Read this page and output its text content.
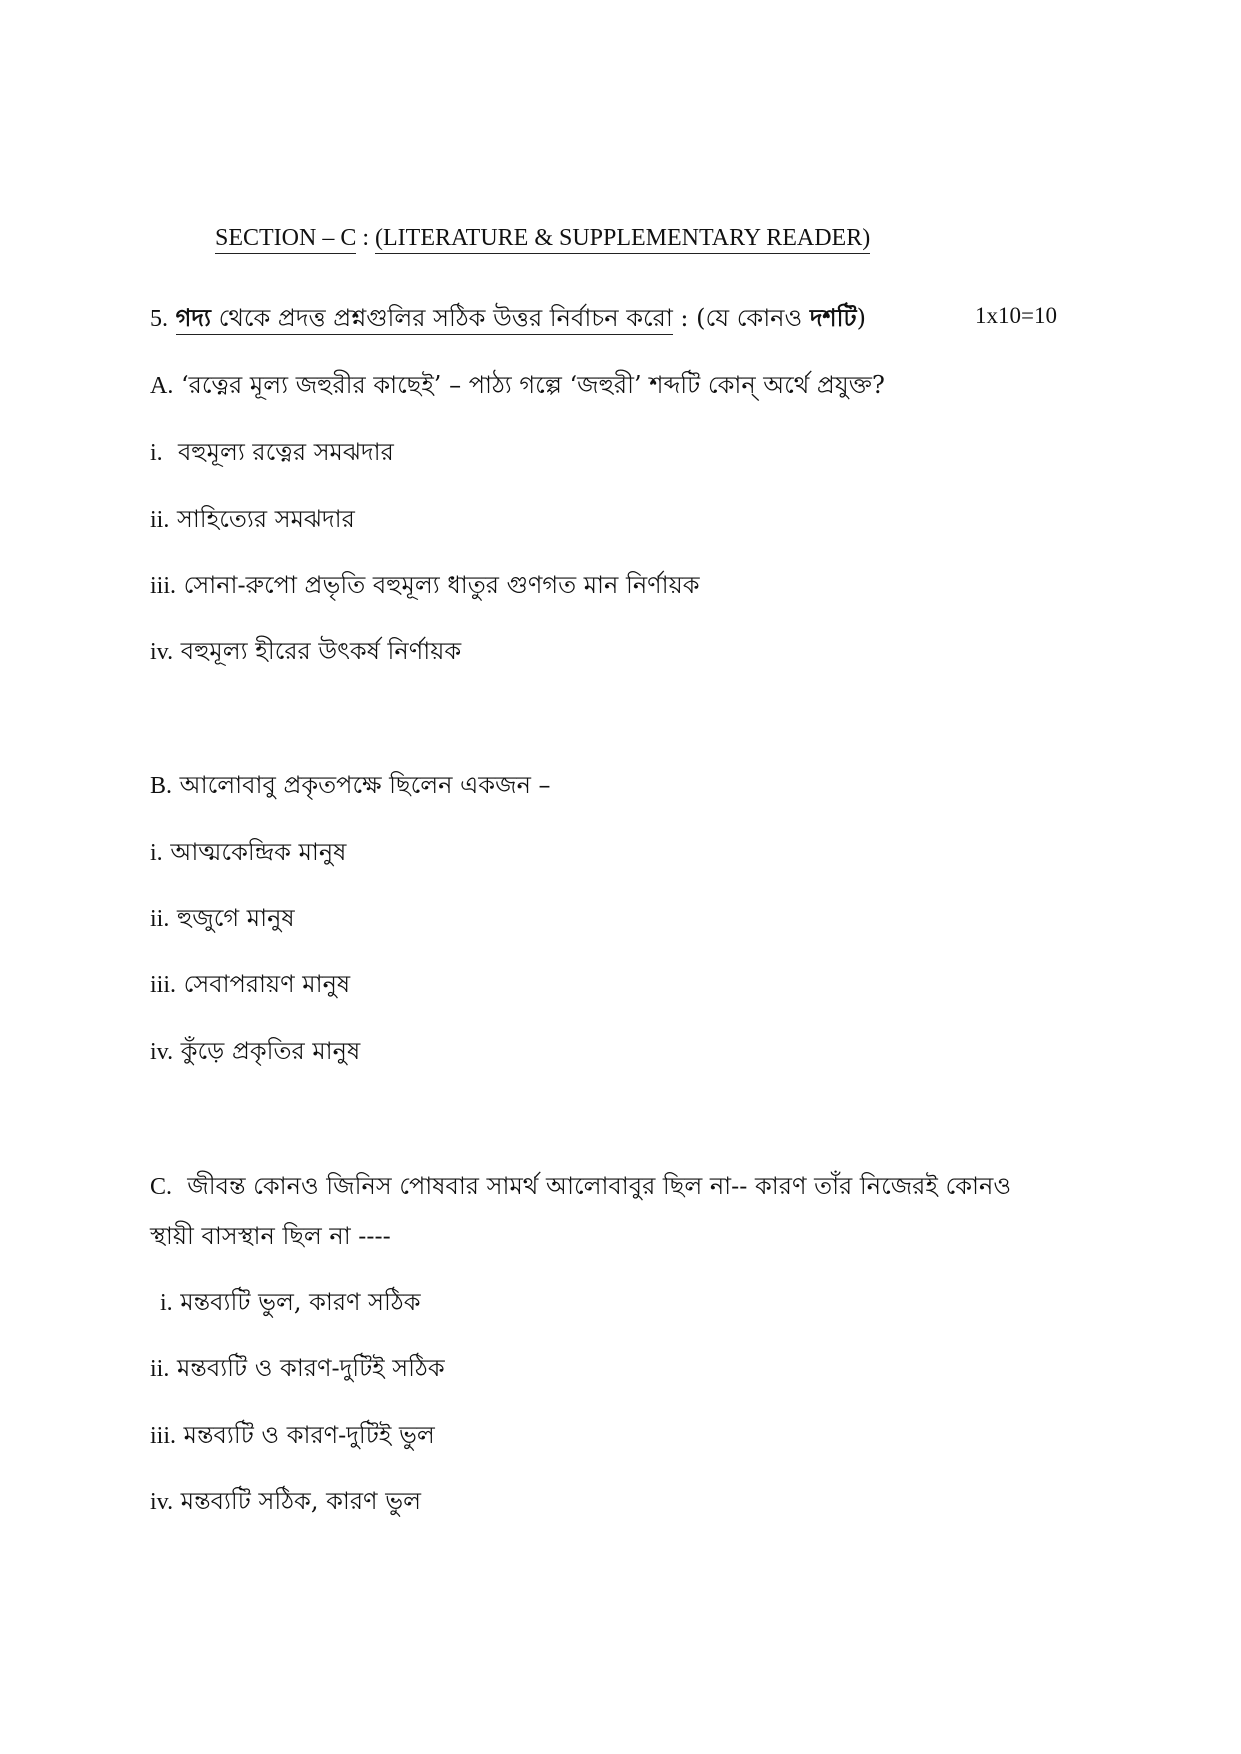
SECTION – C : (LITERATURE & SUPPLEMENTARY READER)
5. গদ্য থেকে প্রদত্ত প্রশ্নগুলির সঠিক উত্তর নির্বাচন করো : (যে কোনও দশটি)	1x10=10
A. ‘রত্নের মূল্য জহুরীর কাছেই’ – পাঠ্য গল্পে ‘জহুরী’ শব্দটি কোন্ অর্থে প্রযুক্ত?
i. বহুমূল্য রত্নের সমঝদার
ii. সাহিত্যের সমঝদার
iii. সোনা-রুপো প্রভৃতি বহুমূল্য ধাতুর গুণগত মান নির্ণায়ক
iv. বহুমূল্য হীরের উৎকর্ষ নির্ণায়ক
B. আলোবাবু প্রকৃতপক্ষে ছিলেন একজন –
i. আত্মকেন্দ্রিক মানুষ
ii. হুজুগে মানুষ
iii. সেবাপরায়ণ মানুষ
iv. কুঁড়ে প্রকৃতির মানুষ
C. জীবন্ত কোনও জিনিস পোষবার সামর্থ আলোবাবুর ছিল না-- কারণ তাঁর নিজেরই কোনও
স্থায়ী বাসস্থান ছিল না ----
i. মন্তব্যটি ভুল, কারণ সঠিক
ii. মন্তব্যটি ও কারণ-দুটিই সঠিক
iii. মন্তব্যটি ও কারণ-দুটিই ভুল
iv. মন্তব্যটি সঠিক, কারণ ভুল
